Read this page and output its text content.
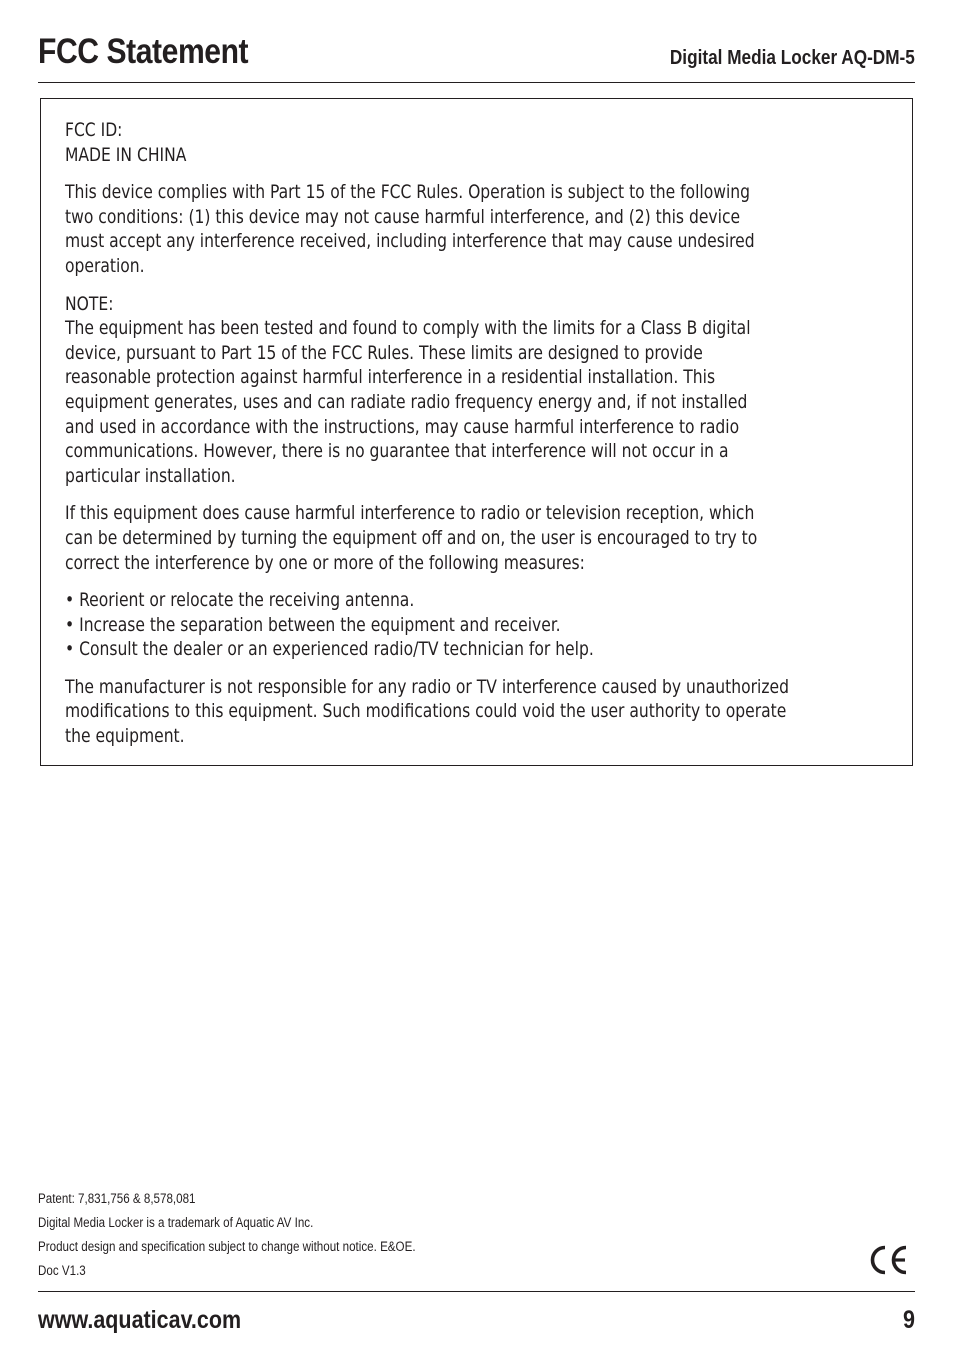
FCC Statement	Digital Media Locker AQ-DM-5

FCC ID:
MADE IN CHINA

This device complies with Part 15 of the FCC Rules. Operation is subject to the following
two conditions: (1) this device may not cause harmful interference, and (2) this device
must accept any interference received, including interference that may cause undesired
operation.

NOTE:
The equipment has been tested and found to comply with the limits for a Class B digital
device, pursuant to Part 15 of the FCC Rules. These limits are designed to provide
reasonable protection against harmful interference in a residential installation. This
equipment generates, uses and can radiate radio frequency energy and, if not installed
and used in accordance with the instructions, may cause harmful interference to radio
communications. However, there is no guarantee that interference will not occur in a
particular installation.

If this equipment does cause harmful interference to radio or television reception, which
can be determined by turning the equipment off and on, the user is encouraged to try to
correct the interference by one or more of the following measures:

• Reorient or relocate the receiving antenna.
• Increase the separation between the equipment and receiver.
• Consult the dealer or an experienced radio/TV technician for help.

The manufacturer is not responsible for any radio or TV interference caused by unauthorized
modifications to this equipment. Such modifications could void the user authority to operate
the equipment.

Patent: 7,831,756 & 8,578,081
Digital Media Locker is a trademark of Aquatic AV Inc.
Product design and specification subject to change without notice. E&OE.
Doc V1.3
www.aquaticav.com	9
